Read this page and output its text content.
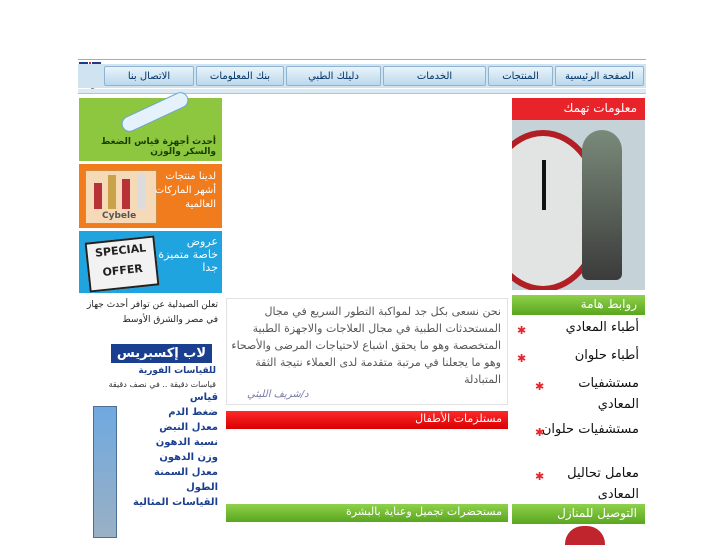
الصفحة الرئيسية
المنتجات
الخدمات
دليلك الطبي
بنك المعلومات
الاتصال بنا
أحدث أجهزة قياس الضغط والسكر والوزن
Cybele
لدينا منتجات أشهر الماركات العالمية
SPECIAL OFFER
عروض خاصة متميزة جدا
تعلن الصيدلية عن توافر أحدث جهاز في مصر والشرق الأوسط
لاب إكسبريس
للقياسات الفورية
قياسات دقيقة .. في نصف دقيقة
قياس
ضغط الدم
معدل النبض
نسبة الدهون
وزن الدهون
معدل السمنة
الطول
القياسات المثالية
نحن نسعى بكل جد لمواكبة التطور السريع في مجال المستحدثات الطبية في مجال العلاجات والاجهزة الطبية المتخصصة وهو ما يحقق اشباع لاحتياجات المرضى والأصحاء وهو ما يجعلنا في مرتبة متقدمة لدى العملاء نتيجة الثقة المتبادلة
د/شريف الليثي
مستلزمات الأطفال
مستحضرات تجميل وعناية بالبشرة
معلومات تهمك
روابط هامة
✱	أطباء المعادي
✱	أطباء حلوان
✱	مستشفيات المعادي
✱
مستشفيات حلوان
✱ معامل تحاليل المعادى
التوصيل للمنازل
